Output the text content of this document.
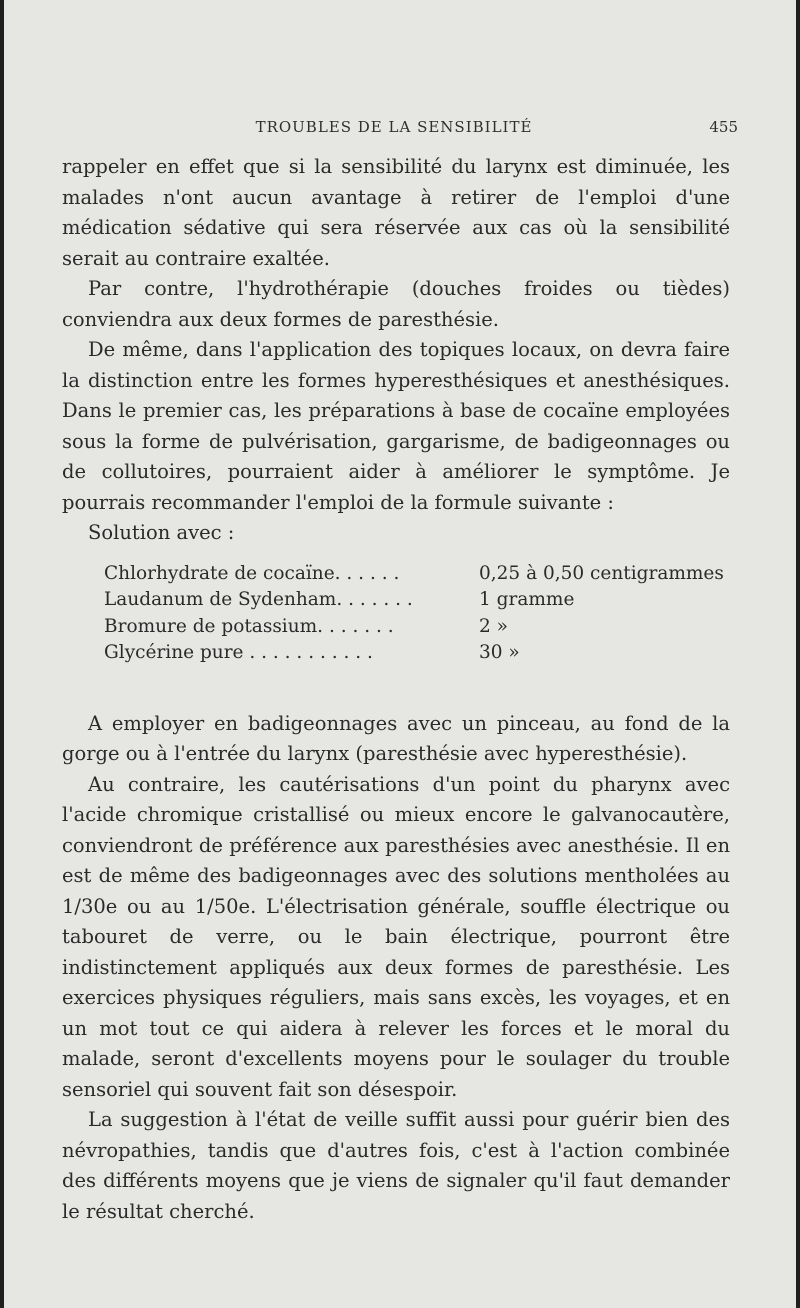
TROUBLES DE LA SENSIBILITÉ	455

rappeler en effet que si la sensibilité du larynx est diminuée, les malades n'ont aucun avantage à retirer de l'emploi d'une médication sédative qui sera réservée aux cas où la sensibilité serait au contraire exaltée.

Par contre, l'hydrothérapie (douches froides ou tièdes) conviendra aux deux formes de paresthésie.

De même, dans l'application des topiques locaux, on devra faire la distinction entre les formes hyperesthésiques et anesthésiques. Dans le premier cas, les préparations à base de cocaïne employées sous la forme de pulvérisation, gargarisme, de badigeonnages ou de collutoires, pourraient aider à améliorer le symptôme. Je pourrais recommander l'emploi de la formule suivante :

Solution avec :

Chlorhydrate de cocaïne. . . . . .	0,25 à 0,50 centigrammes
Laudanum de Sydenham. . . . . . .	1 gramme
Bromure de potassium. . . . . . .	2 »
Glycérine pure . . . . . . . . . . .	30 »

A employer en badigeonnages avec un pinceau, au fond de la gorge ou à l'entrée du larynx (paresthésie avec hyperesthésie).

Au contraire, les cautérisations d'un point du pharynx avec l'acide chromique cristallisé ou mieux encore le galvanocautère, conviendront de préférence aux paresthésies avec anesthésie. Il en est de même des badigeonnages avec des solutions mentholées au 1/30e ou au 1/50e. L'électrisation générale, souffle électrique ou tabouret de verre, ou le bain électrique, pourront être indistinctement appliqués aux deux formes de paresthésie. Les exercices physiques réguliers, mais sans excès, les voyages, et en un mot tout ce qui aidera à relever les forces et le moral du malade, seront d'excellents moyens pour le soulager du trouble sensoriel qui souvent fait son désespoir.

La suggestion à l'état de veille suffit aussi pour guérir bien des névropathies, tandis que d'autres fois, c'est à l'action combinée des différents moyens que je viens de signaler qu'il faut demander le résultat cherché.
